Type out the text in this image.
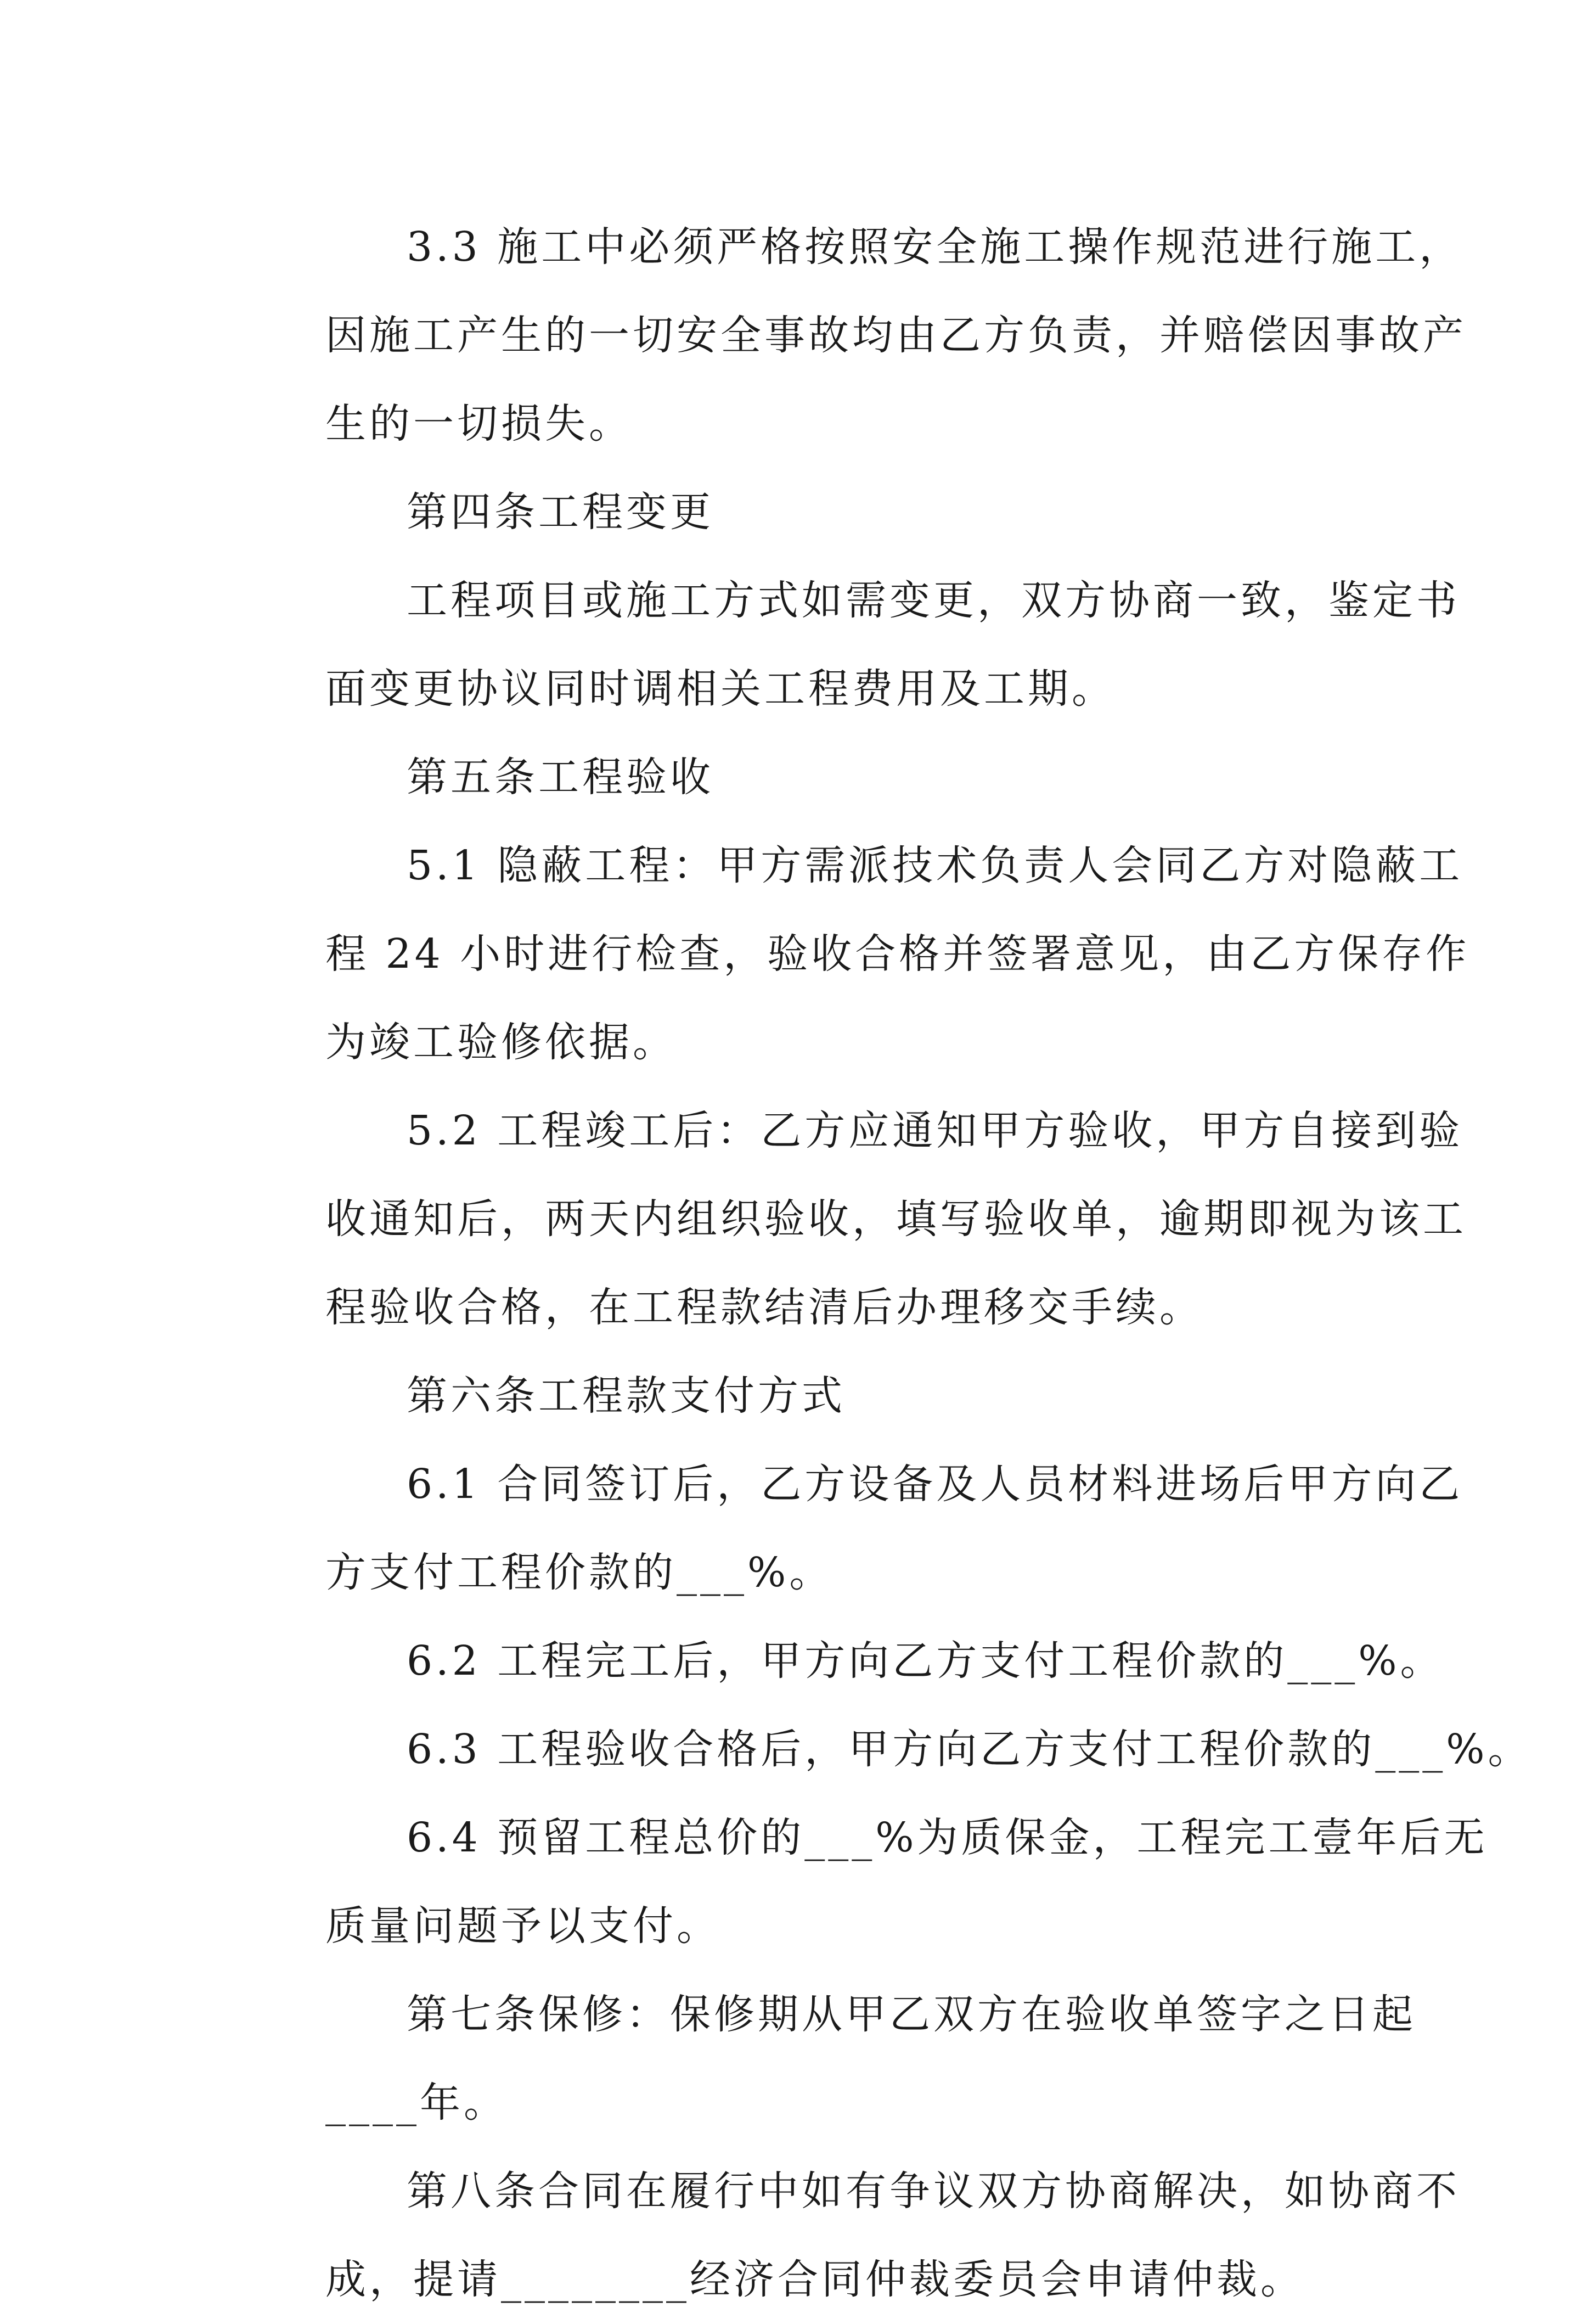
3.3 施工中必须严格按照安全施工操作规范进行施工，
因施工产生的一切安全事故均由乙方负责，并赔偿因事故产
生的一切损失。
第四条工程变更
工程项目或施工方式如需变更，双方协商一致，鉴定书
面变更协议同时调相关工程费用及工期。
第五条工程验收
5.1 隐蔽工程：甲方需派技术负责人会同乙方对隐蔽工
程 24 小时进行检查，验收合格并签署意见，由乙方保存作
为竣工验修依据。
5.2 工程竣工后：乙方应通知甲方验收，甲方自接到验
收通知后，两天内组织验收，填写验收单，逾期即视为该工
程验收合格，在工程款结清后办理移交手续。
第六条工程款支付方式
6.1 合同签订后，乙方设备及人员材料进场后甲方向乙
方支付工程价款的___%。
6.2 工程完工后，甲方向乙方支付工程价款的___%。
6.3 工程验收合格后，甲方向乙方支付工程价款的___%。
6.4 预留工程总价的___%为质保金，工程完工壹年后无
质量问题予以支付。
第七条保修：保修期从甲乙双方在验收单签字之日起
____年。
第八条合同在履行中如有争议双方协商解决，如协商不
成，提请________经济合同仲裁委员会申请仲裁。
